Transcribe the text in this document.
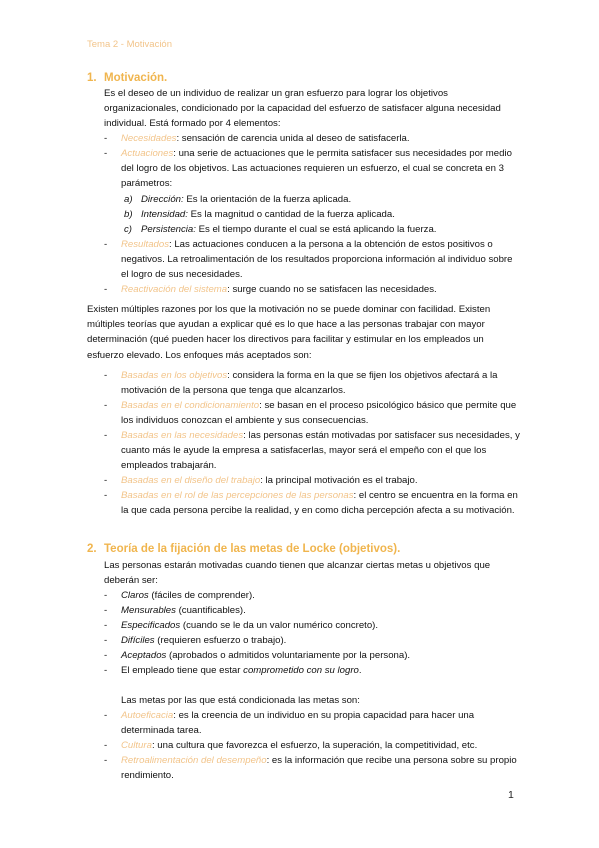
Tema 2 - Motivación
1. Motivación.
Es el deseo de un individuo de realizar un gran esfuerzo para lograr los objetivos organizacionales, condicionado por la capacidad del esfuerzo de satisfacer alguna necesidad individual. Está formado por 4 elementos:
- Necesidades: sensación de carencia unida al deseo de satisfacerla.
- Actuaciones: una serie de actuaciones que le permita satisfacer sus necesidades por medio del logro de los objetivos. Las actuaciones requieren un esfuerzo, el cual se concreta en 3 parámetros:
a) Dirección: Es la orientación de la fuerza aplicada.
b) Intensidad: Es la magnitud o cantidad de la fuerza aplicada.
c) Persistencia: Es el tiempo durante el cual se está aplicando la fuerza.
- Resultados: Las actuaciones conducen a la persona a la obtención de estos positivos o negativos. La retroalimentación de los resultados proporciona información al individuo sobre el logro de sus necesidades.
- Reactivación del sistema: surge cuando no se satisfacen las necesidades.
Existen múltiples razones por los que la motivación no se puede dominar con facilidad. Existen múltiples teorías que ayudan a explicar qué es lo que hace a las personas trabajar con mayor determinación (qué pueden hacer los directivos para facilitar y estimular en los empleados un esfuerzo elevado. Los enfoques más aceptados son:
- Basadas en los objetivos: considera la forma en la que se fijen los objetivos afectará a la motivación de la persona que tenga que alcanzarlos.
- Basadas en el condicionamiento: se basan en el proceso psicológico básico que permite que los individuos conozcan el ambiente y sus consecuencias.
- Basadas en las necesidades: las personas están motivadas por satisfacer sus necesidades, y cuanto más le ayude la empresa a satisfacerlas, mayor será el empeño con el que los empleados trabajarán.
- Basadas en el diseño del trabajo: la principal motivación es el trabajo.
- Basadas en el rol de las percepciones de las personas: el centro se encuentra en la forma en la que cada persona percibe la realidad, y en como dicha percepción afecta a su motivación.
2. Teoría de la fijación de las metas de Locke (objetivos).
Las personas estarán motivadas cuando tienen que alcanzar ciertas metas u objetivos que deberán ser:
- Claros (fáciles de comprender).
- Mensurables (cuantificables).
- Especificados (cuando se le da un valor numérico concreto).
- Difíciles (requieren esfuerzo o trabajo).
- Aceptados (aprobados o admitidos voluntariamente por la persona).
- El empleado tiene que estar comprometido con su logro.
Las metas por las que está condicionada las metas son:
- Autoeficacia: es la creencia de un individuo en su propia capacidad para hacer una determinada tarea.
- Cultura: una cultura que favorezca el esfuerzo, la superación, la competitividad, etc.
- Retroalimentación del desempeño: es la información que recibe una persona sobre su propio rendimiento.
1
